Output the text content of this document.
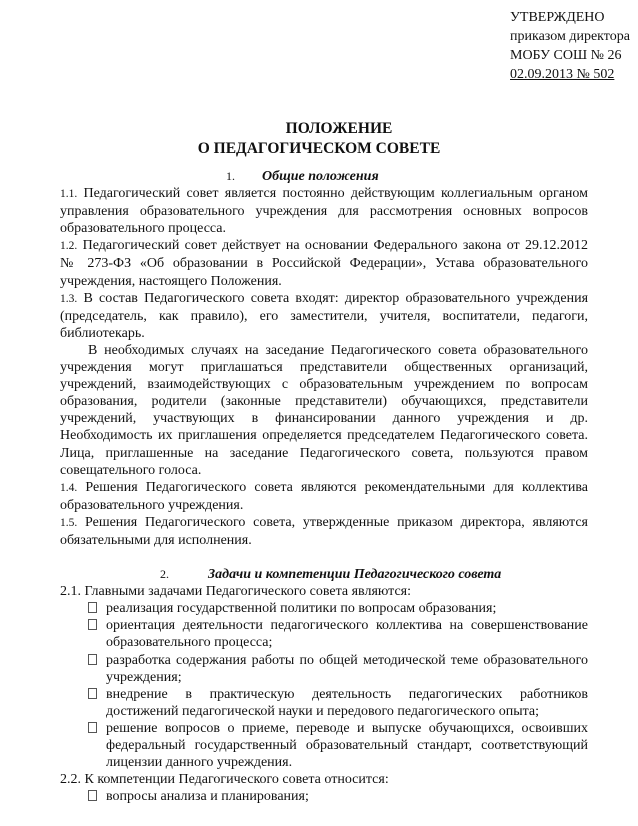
УТВЕРЖДЕНО
приказом директора
МОБУ СОШ № 26
02.09.2013 № 502
ПОЛОЖЕНИЕ
О ПЕДАГОГИЧЕСКОМ СОВЕТЕ

1. Общие положения

1.1. Педагогический совет является постоянно действующим коллегиальным органом управления образовательного учреждения для рассмотрения основных вопросов образовательного процесса.

1.2. Педагогический совет действует на основании Федерального закона от 29.12.2012 № 273-ФЗ «Об образовании в Российской Федерации», Устава образовательного учреждения, настоящего Положения.

1.3. В состав Педагогического совета входят: директор образовательного учреждения (председатель, как правило), его заместители, учителя, воспитатели, педагоги, библиотекарь.

В необходимых случаях на заседание Педагогического совета образовательного учреждения могут приглашаться представители общественных организаций, учреждений, взаимодействующих с образовательным учреждением по вопросам образования, родители (законные представители) обучающихся, представители учреждений, участвующих в финансировании данного учреждения и др. Необходимость их приглашения определяется председателем Педагогического совета. Лица, приглашенные на заседание Педагогического совета, пользуются правом совещательного голоса.

1.4. Решения Педагогического совета являются рекомендательными для коллектива образовательного учреждения.

1.5. Решения Педагогического совета, утвержденные приказом директора, являются обязательными для исполнения.

2.	Задачи и компетенции Педагогического совета

2.1. Главными задачами Педагогического совета являются:

реализация государственной политики по вопросам образования;

ориентация деятельности педагогического коллектива на совершенствование образовательного процесса;

разработка содержания работы по общей методической теме образовательного учреждения;

внедрение в практическую деятельность педагогических работников достижений педагогической науки и передового педагогического опыта;

решение вопросов о приеме, переводе и выпуске обучающихся, освоивших федеральный государственный образовательный стандарт, соответствующий лицензии данного учреждения.

2.2. К компетенции Педагогического совета относится:

вопросы анализа и планирования;
